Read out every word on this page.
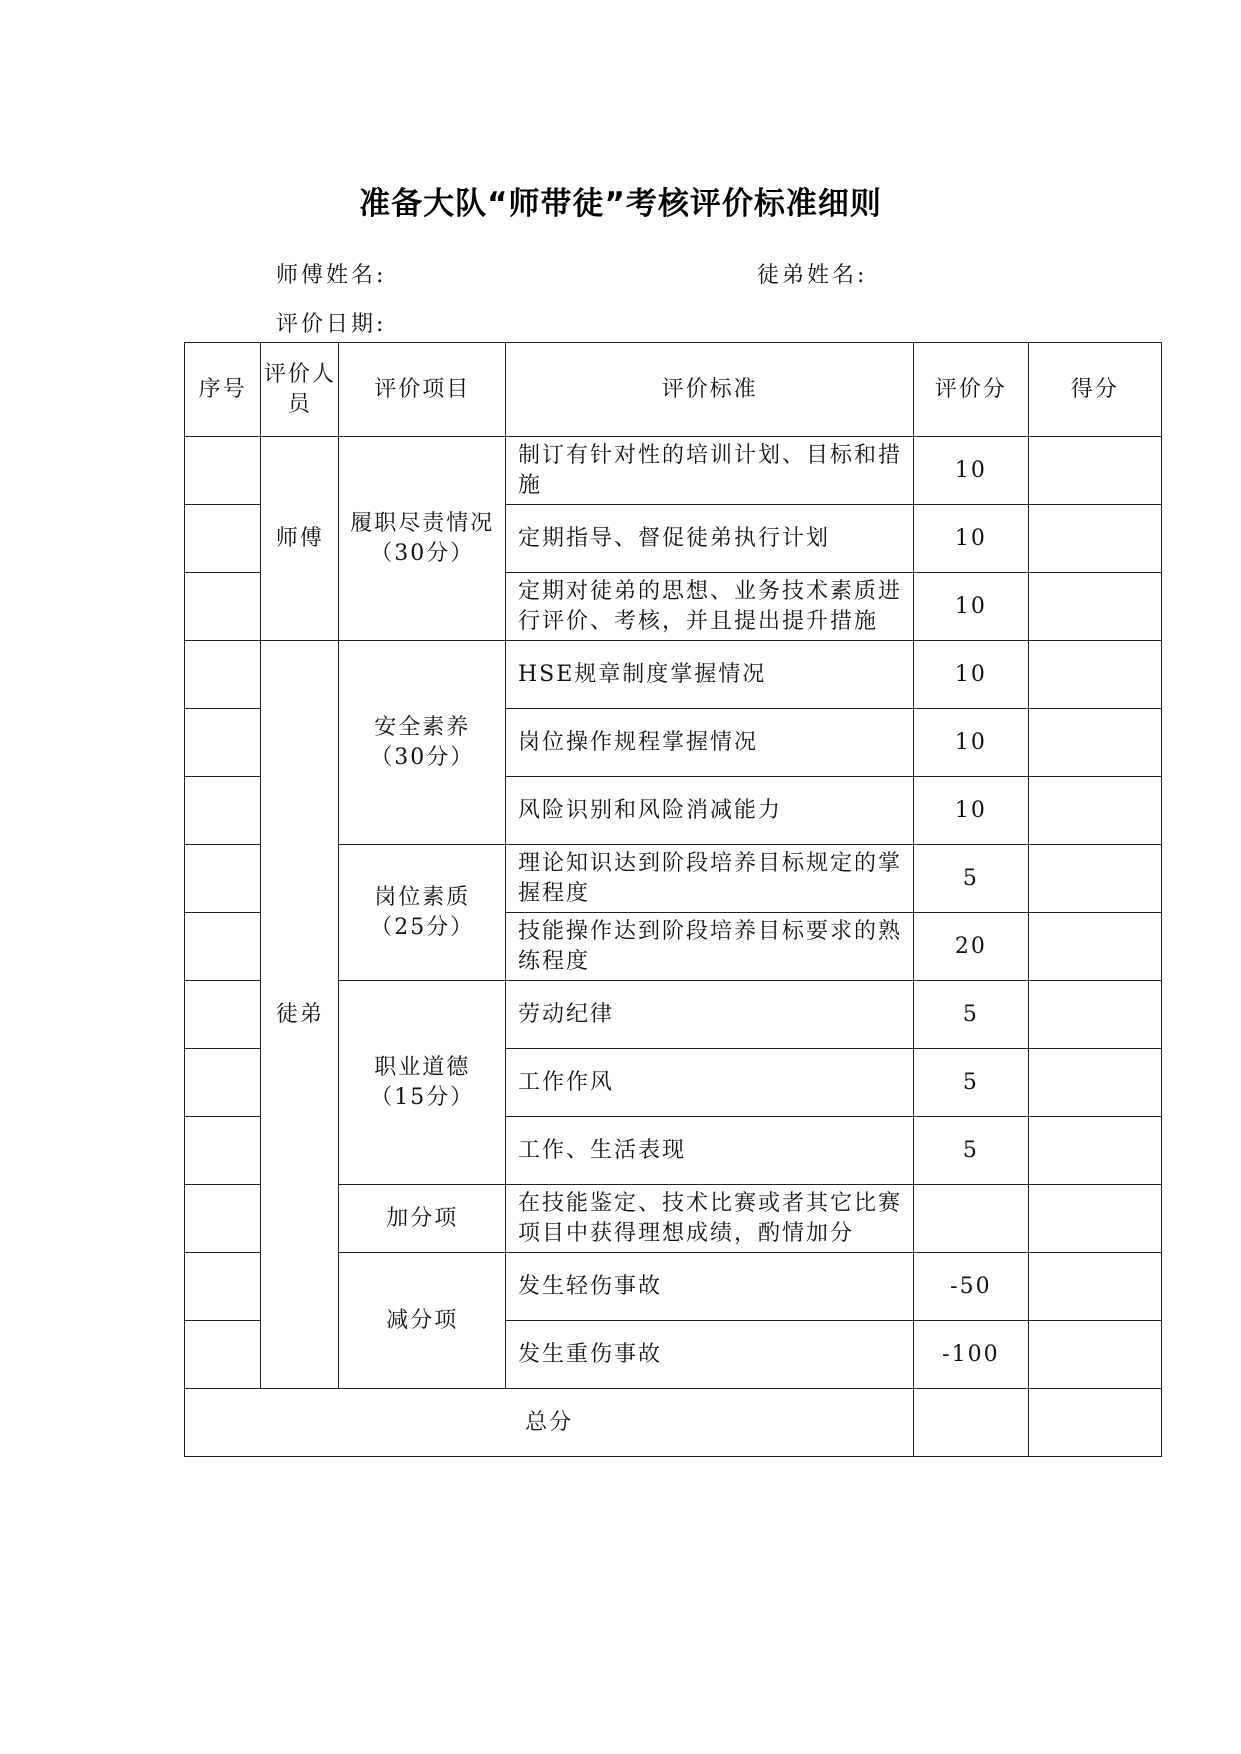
准备大队“师带徒”考核评价标准细则
师傅姓名:	徒弟姓名:
评价日期:
序号	评价人员	评价项目	评价标准	评价分	得分
	师傅	履职尽责情况（30分）	制订有针对性的培训计划、目标和措施	10	
			定期指导、督促徒弟执行计划	10	
			定期对徒弟的思想、业务技术素质进行评价、考核，并且提出提升措施	10	
	徒弟	安全素养（30分）	HSE规章制度掌握情况	10	
			岗位操作规程掌握情况	10	
			风险识别和风险消减能力	10	
		岗位素质（25分）	理论知识达到阶段培养目标规定的掌握程度	5	
			技能操作达到阶段培养目标要求的熟练程度	20	
		职业道德（15分）	劳动纪律	5	
			工作作风	5	
			工作、生活表现	5	
		加分项	在技能鉴定、技术比赛或者其它比赛项目中获得理想成绩，酌情加分		
		减分项	发生轻伤事故	-50	
			发生重伤事故	-100	
总分					
